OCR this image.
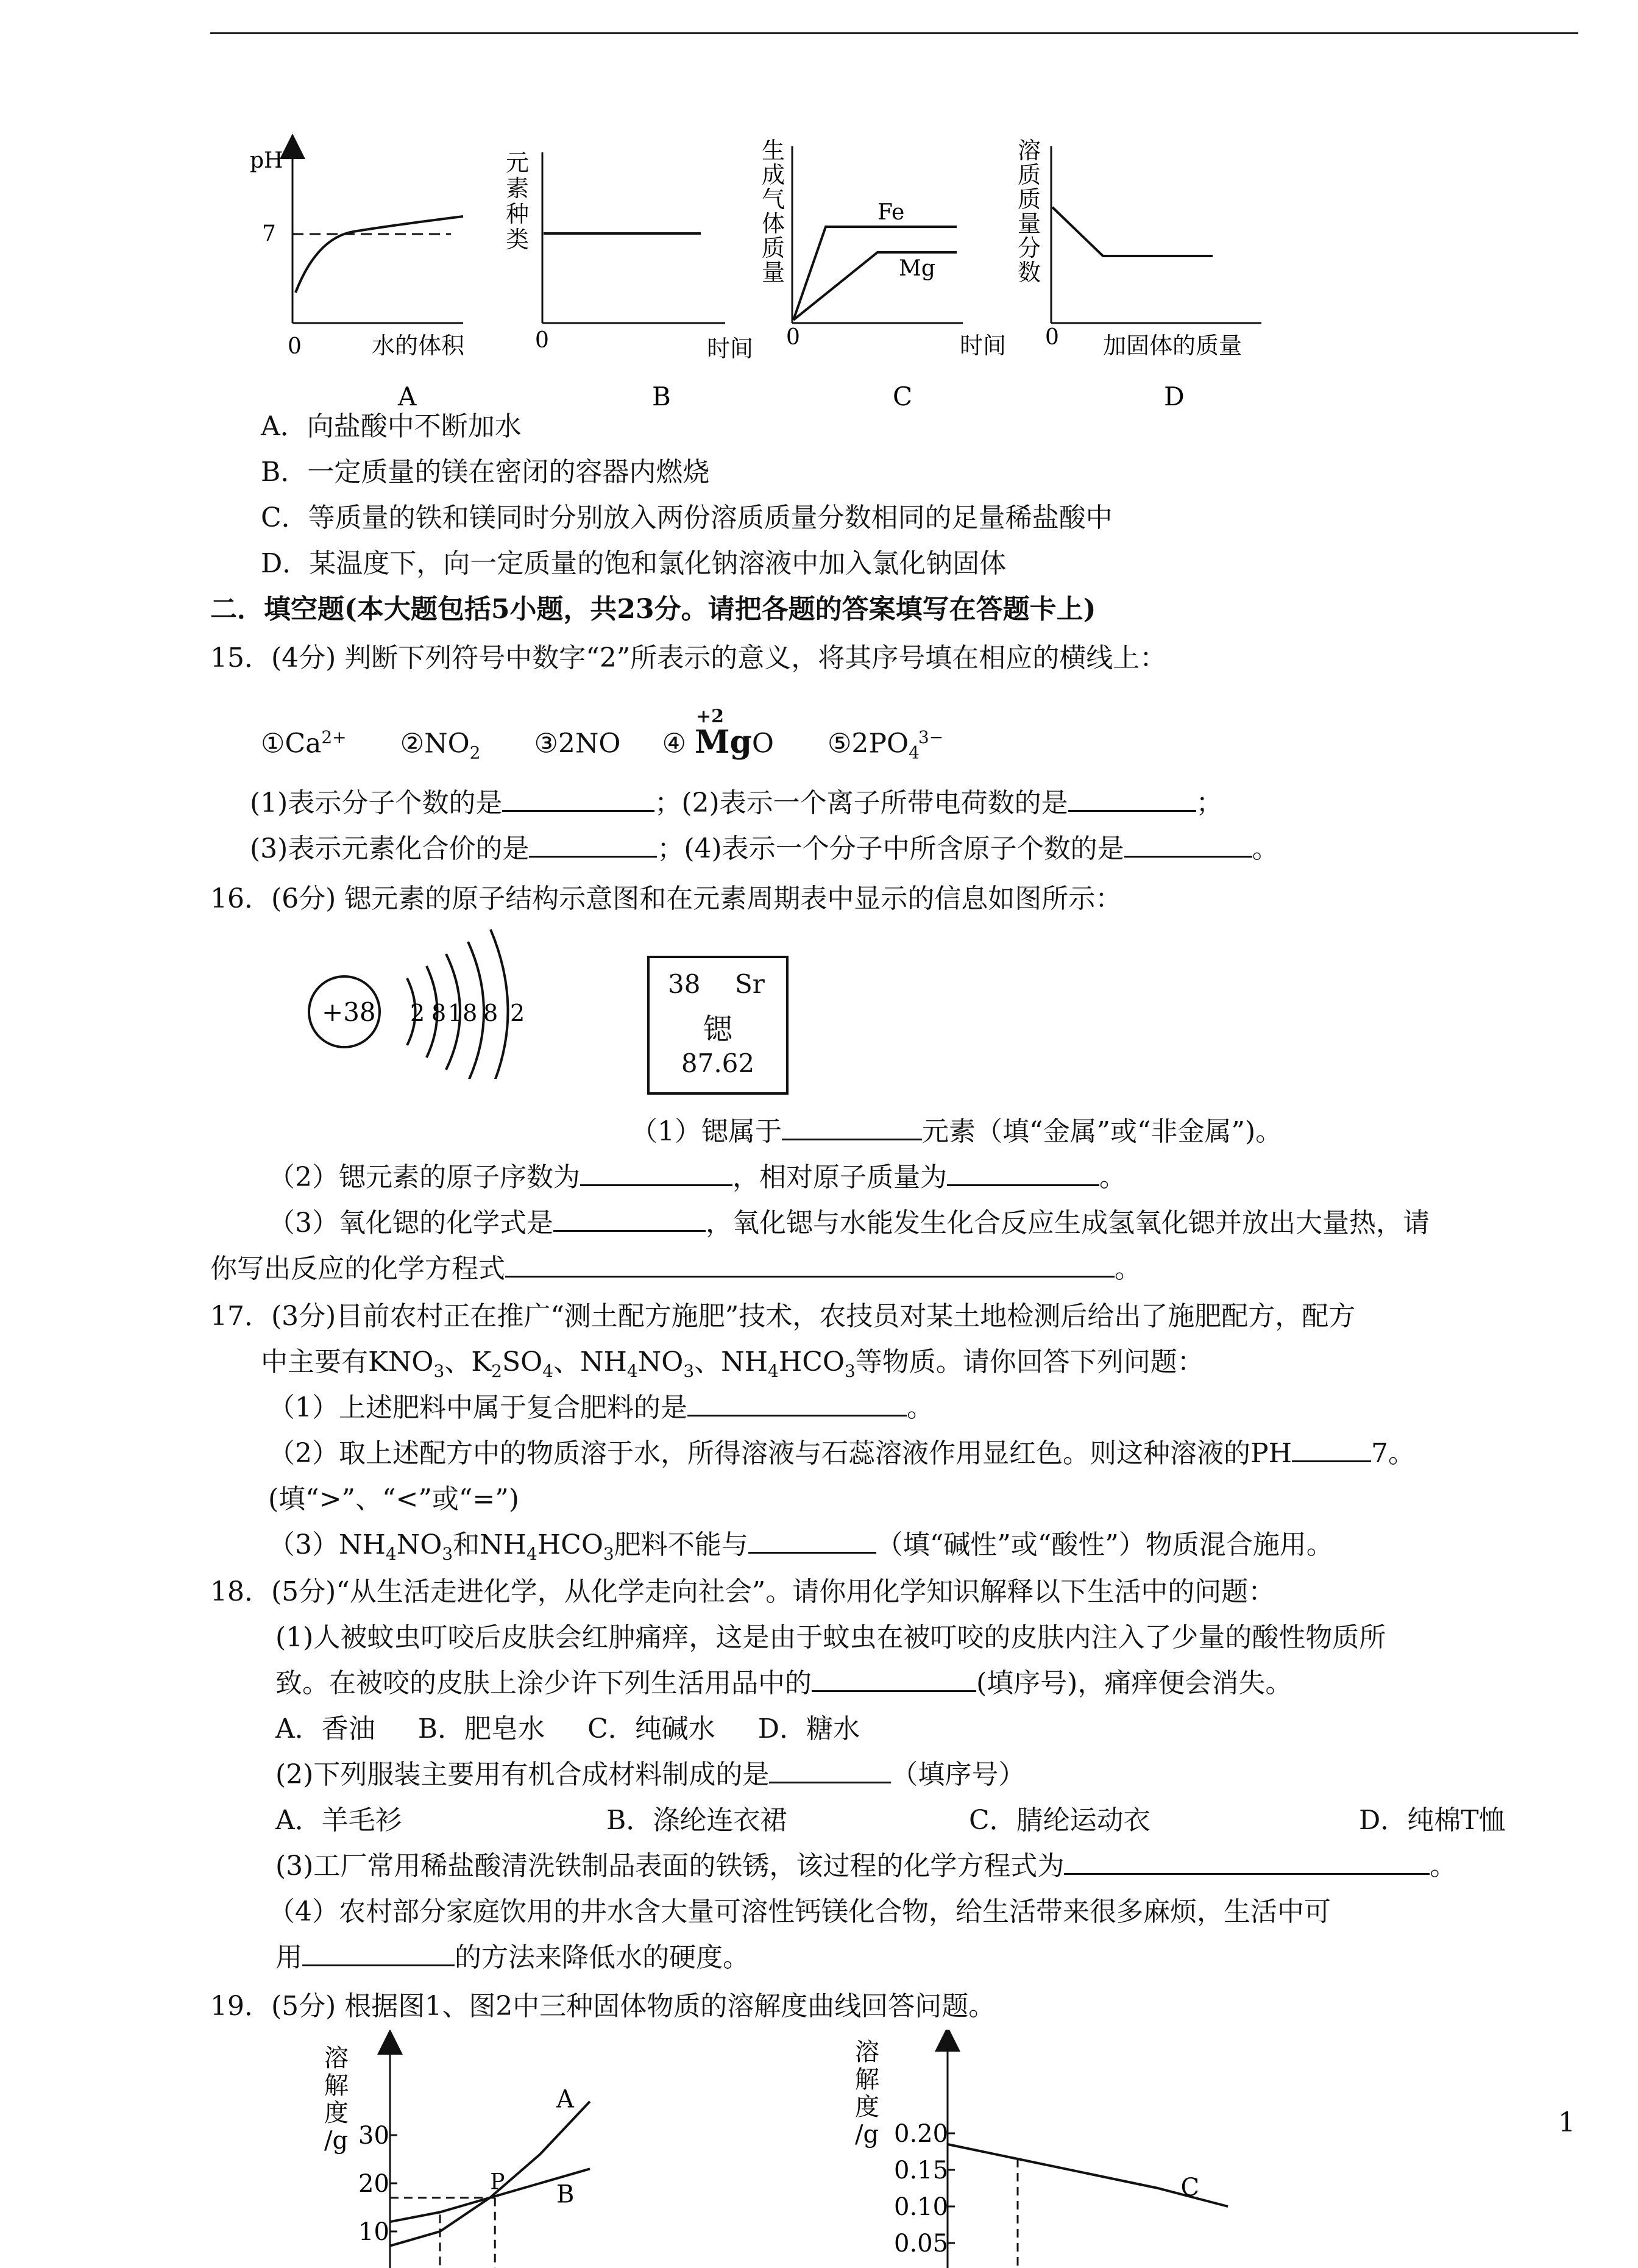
pH
7
0	水的体积
A
元素种类
0	时间
B
生成气体质量
Fe
Mg
0	时间
C
溶质质量分数
0 加固体的质量
D
A．向盐酸中不断加水
B．一定质量的镁在密闭的容器内燃烧
C．等质量的铁和镁同时分别放入两份溶质质量分数相同的足量稀盐酸中
D．某温度下，向一定质量的饱和氯化钠溶液中加入氯化钠固体
二．填空题(本大题包括5小题，共23分。请把各题的答案填写在答题卡上)
15．(4分) 判断下列符号中数字“2”所表示的意义，将其序号填在相应的横线上：
$①Ca^{2+}$ $②NO_2$ ③2NO ④
+2
MgO $⑤2PO_4^{3-}$
(1)表示分子个数的是	；(2)表示一个离子所带电荷数的是	；
(3)表示元素化合价的是	；(4)表示一个分子中所含原子个数的是	。
16．(6分) 锶元素的原子结构示意图和在元素周期表中显示的信息如图所示：
+38 2 8 18 8 2
38 Sr
锶
87.62
（1）锶属于	元素（填“金属”或“非金属”)。
（2）锶元素的原子序数为	，相对原子质量为	。
（3）氧化锶的化学式是	，氧化锶与水能发生化合反应生成氢氧化锶并放出大量热，请
你写出反应的化学方程式	。
17．(3分)目前农村正在推广“测土配方施肥”技术，农技员对某土地检测后给出了施肥配方，配方
中主要有$KNO_3$、$K_2SO_4$、$NH_4NO_3$、$NH_4HCO_3$等物质。请你回答下列问题：
（1）上述肥料中属于复合肥料的是	。
（2）取上述配方中的物质溶于水，所得溶液与石蕊溶液作用显红色。则这种溶液的PH	7。
(填“>”、“<”或“=”)
$(3)NH_4NO_3$和$NH_4HCO_3$肥料不能与	（填“碱性”或“酸性”）物质混合施用。
18．(5分)“从生活走进化学，从化学走向社会”。请你用化学知识解释以下生活中的问题：
(1)人被蚊虫叮咬后皮肤会红肿痛痒，这是由于蚊虫在被叮咬的皮肤内注入了少量的酸性物质所
致。在被咬的皮肤上涂少许下列生活用品中的	(填序号)，痛痒便会消失。
A．香油 B．肥皂水 C．纯碱水 D．糖水
(2)下列服装主要用有机合成材料制成的是	（填序号）
A．羊毛衫	B．涤纶连衣裙	C．腈纶运动衣	D．纯棉T恤
(3)工厂常用稀盐酸清洗铁制品表面的铁锈，该过程的化学方程式为	。
（4）农村部分家庭饮用的井水含大量可溶性钙镁化合物，给生活带来很多麻烦，生活中可
用	的方法来降低水的硬度。
19．(5分) 根据图1、图2中三种固体物质的溶解度曲线回答问题。
溶
解
度
/g
10
20
30
A
B
P
溶
解
度
/g
0.05
0.10
0.15
0.20
C
1
